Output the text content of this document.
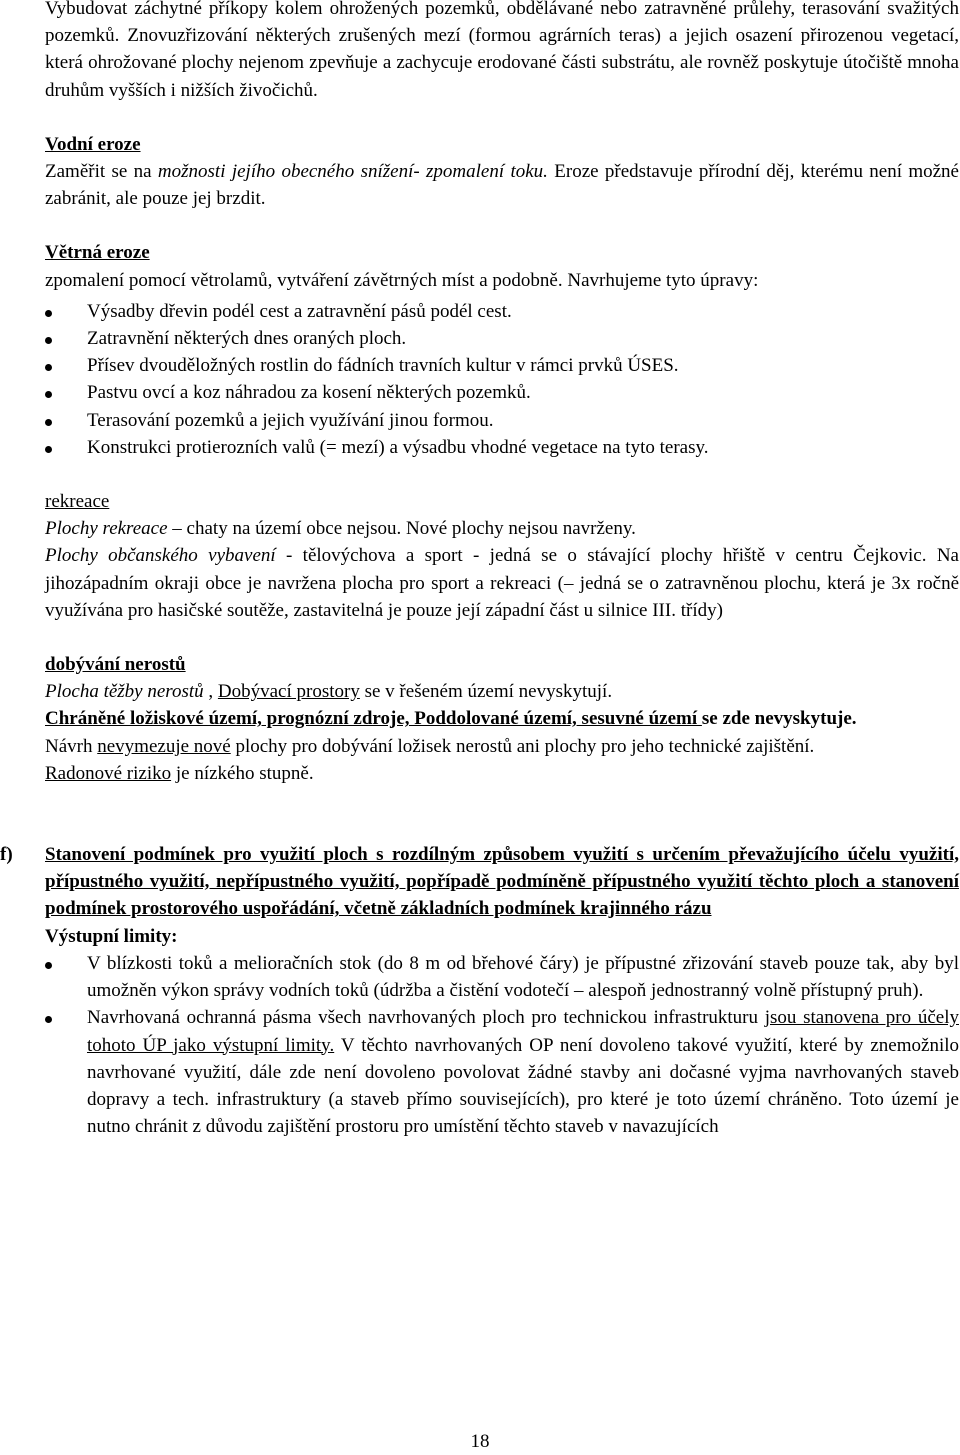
Vybudovat záchytné příkopy kolem ohrožených pozemků, obdělávané nebo zatravněné průlehy, terasování svažitých pozemků. Znovuzřizování některých zrušených mezí (formou agrárních teras) a jejich osazení přirozenou vegetací, která ohrožované plochy nejenom zpevňuje a zachycuje erodované části substrátu, ale rovněž poskytuje útočiště mnoha druhům vyšších i nižších živočichů.

Vodní eroze

Zaměřit se na možnosti jejího obecného snížení- zpomalení toku. Eroze představuje přírodní děj, kterému není možné zabránit, ale pouze jej brzdit.

Větrná eroze

zpomalení pomocí větrolamů, vytváření závětrných míst a podobně. Navrhujeme tyto úpravy:

Výsadby dřevin podél cest a zatravnění pásů podél cest.
Zatravnění některých dnes oraných ploch.
Přísev dvouděložných rostlin do fádních travních kultur v rámci prvků ÚSES.
Pastvu ovcí a koz náhradou za kosení některých pozemků.
Terasování pozemků a jejich využívání jinou formou.
Konstrukci protierozních valů (= mezí) a výsadbu vhodné vegetace na tyto terasy.

rekreace

Plochy rekreace – chaty na území obce nejsou. Nové plochy nejsou navrženy.

Plochy občanského vybavení - tělovýchova a sport - jedná se o stávající plochy hřiště v centru Čejkovic. Na jihozápadním okraji obce je navržena plocha pro sport a rekreaci (– jedná se o zatravněnou plochu, která je 3x ročně využívána pro hasičské soutěže, zastavitelná je pouze její západní část u silnice III. třídy)

dobývání nerostů

Plocha těžby nerostů , Dobývací prostory se v řešeném území nevyskytují.

Chráněné ložiskové území, prognózní zdroje, Poddolované území, sesuvné území se zde nevyskytuje.

Návrh nevymezuje nové plochy pro dobývání ložisek nerostů ani plochy pro jeho technické zajištění.

Radonové riziko je nízkého stupně.

f) Stanovení podmínek pro využití ploch s rozdílným způsobem využití s určením převažujícího účelu využití, přípustného využití, nepřípustného využití, popřípadě podmíněně přípustného využití těchto ploch a stanovení podmínek prostorového uspořádání, včetně základních podmínek krajinného rázu

Výstupní limity:

V blízkosti toků a melioračních stok (do 8 m od břehové čáry) je přípustné zřizování staveb pouze tak, aby byl umožněn výkon správy vodních toků (údržba a čistění vodotečí – alespoň jednostranný volně přístupný pruh).
Navrhovaná ochranná pásma všech navrhovaných ploch pro technickou infrastrukturu jsou stanovena pro účely tohoto ÚP jako výstupní limity. V těchto navrhovaných OP není dovoleno takové využití, které by znemožnilo navrhované využití, dále zde není dovoleno povolovat žádné stavby ani dočasné vyjma navrhovaných staveb dopravy a tech. infrastruktury (a staveb přímo souvisejících), pro které je toto území chráněno. Toto území je nutno chránit z důvodu zajištění prostoru pro umístění těchto staveb v navazujících
18
